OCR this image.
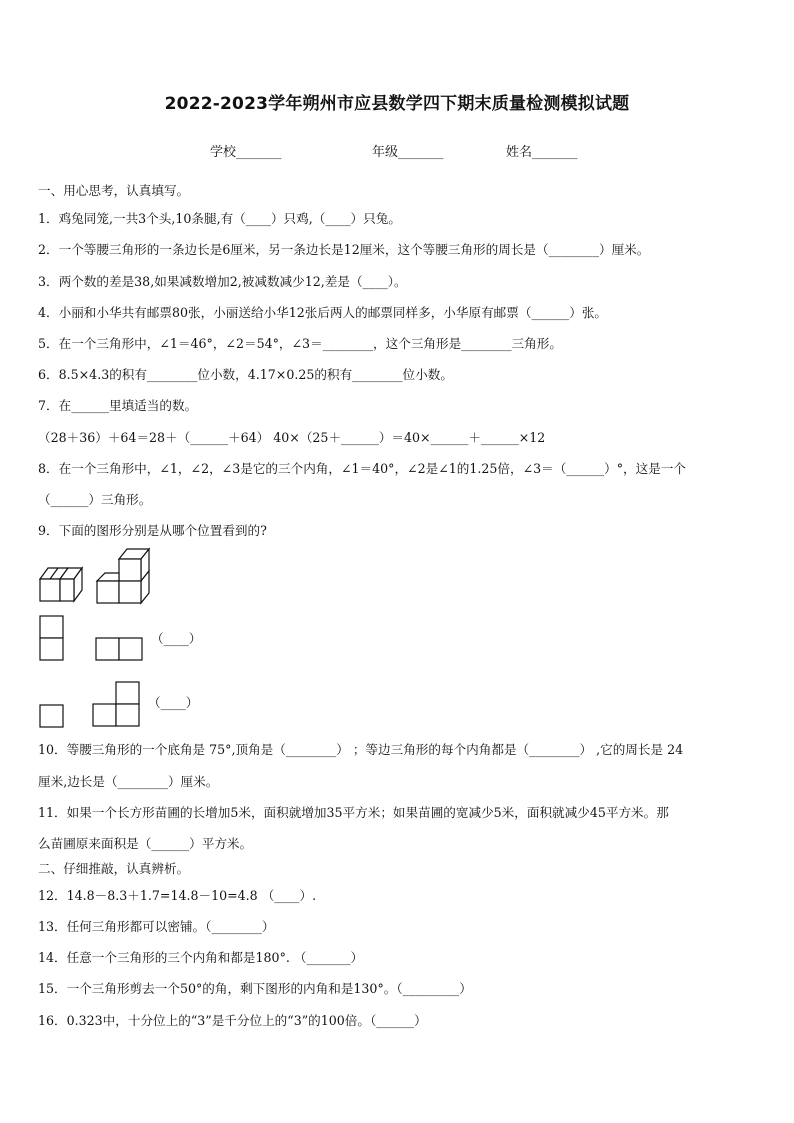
2022-2023学年朔州市应县数学四下期末质量检测模拟试题
学校_______	年级_______	姓名_______
一、用心思考，认真填写。
1．鸡兔同笼,一共3个头,10条腿,有（____）只鸡,（____）只兔。
2．一个等腰三角形的一条边长是6厘米，另一条边长是12厘米，这个等腰三角形的周长是（________）厘米。
3．两个数的差是38,如果减数增加2,被减数减少12,差是（____）。
4．小丽和小华共有邮票80张，小丽送给小华12张后两人的邮票同样多，小华原有邮票（______）张。
5．在一个三角形中，∠1＝46°，∠2＝54°，∠3＝________，这个三角形是________三角形。
6．8.5×4.3的积有________位小数，4.17×0.25的积有________位小数。
7．在______里填适当的数。
（28＋36）＋64＝28＋（______＋64） 40×（25＋______）＝40×______＋______×12
8．在一个三角形中，∠1，∠2，∠3是它的三个内角，∠1＝40°，∠2是∠1的1.25倍，∠3＝（______）°，这是一个
（______）三角形。
9．下面的图形分别是从哪个位置看到的?
（____）
（____）
10．等腰三角形的一个底角是 75°,顶角是（________） ；等边三角形的每个内角都是（________） ,它的周长是 24
厘米,边长是（________）厘米。
11．如果一个长方形苗圃的长增加5米，面积就增加35平方米；如果苗圃的宽减少5米，面积就减少45平方米。那
么苗圃原来面积是（______）平方米。
二、仔细推敲，认真辨析。
12．14.8－8.3＋1.7=14.8－10=4.8 （____）.
13．任何三角形都可以密铺。（________）
14．任意一个三角形的三个内角和都是180°. （_______）
15．一个三角形剪去一个50°的角，剩下图形的内角和是130°。（_________）
16．0.323中，十分位上的“3”是千分位上的“3”的100倍。（______）
